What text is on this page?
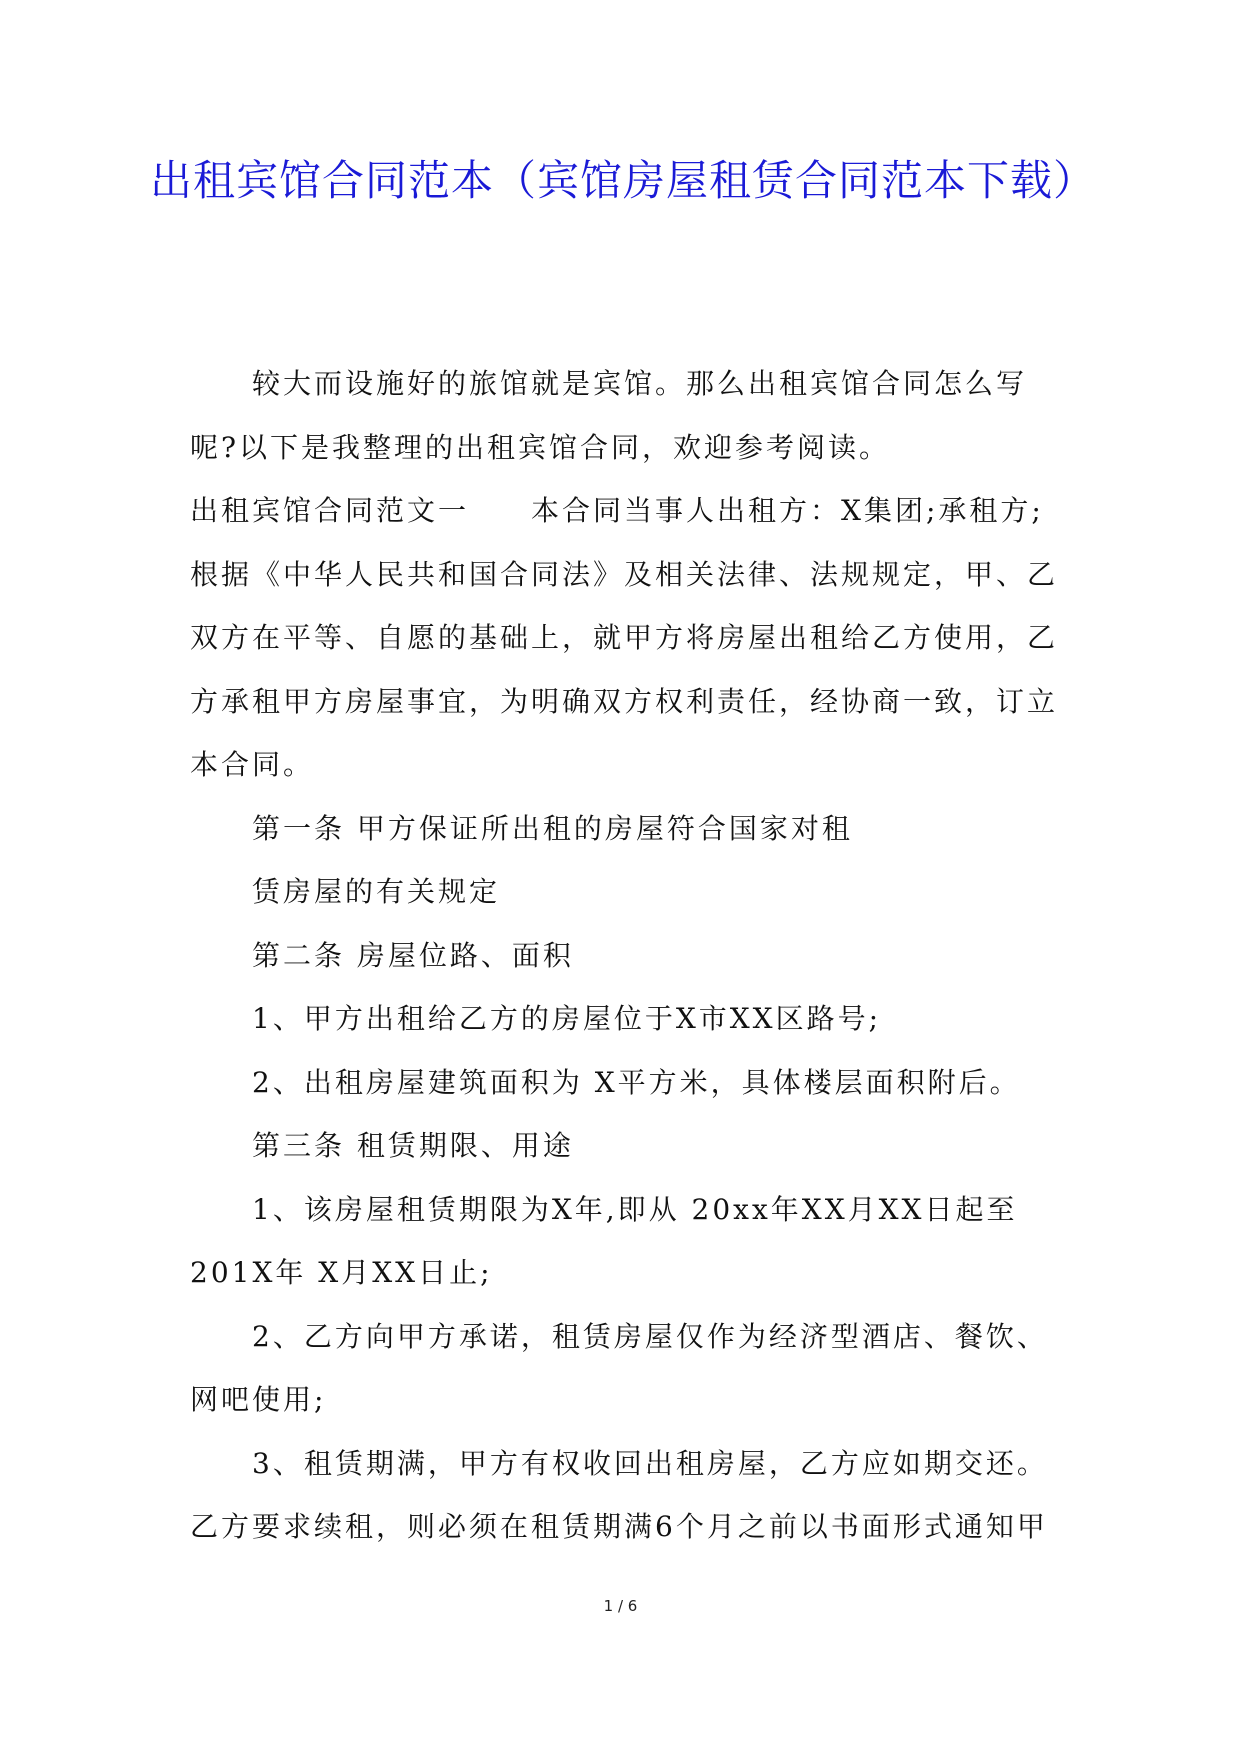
出租宾馆合同范本（宾馆房屋租赁合同范本下载）

较大而设施好的旅馆就是宾馆。那么出租宾馆合同怎么写呢?以下是我整理的出租宾馆合同，欢迎参考阅读。

出租宾馆合同范文一 本合同当事人出租方：X集团;承租方;根据《中华人民共和国合同法》及相关法律、法规规定，甲、乙双方在平等、自愿的基础上，就甲方将房屋出租给乙方使用，乙方承租甲方房屋事宜，为明确双方权利责任，经协商一致，订立本合同。

第一条 甲方保证所出租的房屋符合国家对租

赁房屋的有关规定

第二条 房屋位路、面积

1、甲方出租给乙方的房屋位于X市XX区路号;

2、出租房屋建筑面积为 X平方米，具体楼层面积附后。

第三条 租赁期限、用途

1、该房屋租赁期限为X年,即从 20xx年XX月XX日起至201X年 X月XX日止;

2、乙方向甲方承诺，租赁房屋仅作为经济型酒店、餐饮、网吧使用;

3、租赁期满，甲方有权收回出租房屋，乙方应如期交还。乙方要求续租，则必须在租赁期满6个月之前以书面形式通知甲

1 / 6
